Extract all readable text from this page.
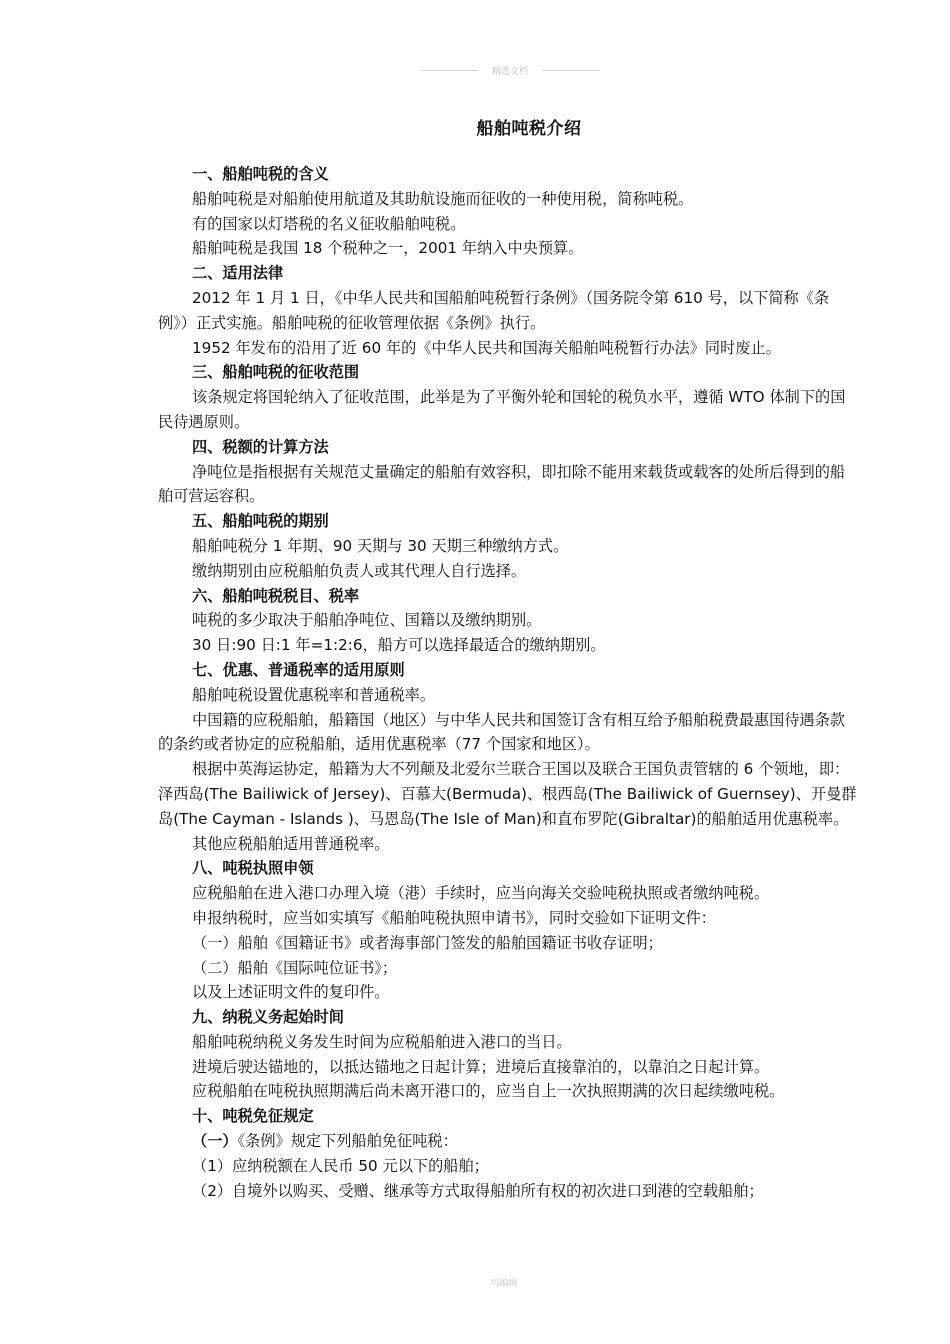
精选文档
船舶吨税介绍
一、船舶吨税的含义
船舶吨税是对船舶使用航道及其助航设施而征收的一种使用税，简称吨税。
有的国家以灯塔税的名义征收船舶吨税。
船舶吨税是我国 18 个税种之一，2001 年纳入中央预算。
二、适用法律
2012 年 1 月 1 日，《中华人民共和国船舶吨税暂行条例》（国务院令第 610 号，以下简称《条例》）正式实施。船舶吨税的征收管理依据《条例》执行。
1952 年发布的沿用了近 60 年的《中华人民共和国海关船舶吨税暂行办法》同时废止。
三、船舶吨税的征收范围
该条规定将国轮纳入了征收范围，此举是为了平衡外轮和国轮的税负水平，遵循 WTO 体制下的国民待遇原则。
四、税额的计算方法
净吨位是指根据有关规范丈量确定的船舶有效容积，即扣除不能用来载货或载客的处所后得到的船舶可营运容积。
五、船舶吨税的期别
船舶吨税分 1 年期、90 天期与 30 天期三种缴纳方式。
缴纳期别由应税船舶负责人或其代理人自行选择。
六、船舶吨税税目、税率
吨税的多少取决于船舶净吨位、国籍以及缴纳期别。
30 日:90 日:1 年=1:2:6，船方可以选择最适合的缴纳期别。
七、优惠、普通税率的适用原则
船舶吨税设置优惠税率和普通税率。
中国籍的应税船舶，船籍国（地区）与中华人民共和国签订含有相互给予船舶税费最惠国待遇条款的条约或者协定的应税船舶，适用优惠税率（77 个国家和地区）。
根据中英海运协定，船籍为大不列颠及北爱尔兰联合王国以及联合王国负责管辖的 6 个领地，即：泽西岛(The Bailiwick of Jersey)、百慕大(Bermuda)、根西岛(The Bailiwick of Guernsey)、开曼群岛(The Cayman - Islands )、马恩岛(The Isle of Man)和直布罗陀(Gibraltar)的船舶适用优惠税率。
其他应税船舶适用普通税率。
八、吨税执照申领
应税船舶在进入港口办理入境（港）手续时，应当向海关交验吨税执照或者缴纳吨税。
申报纳税时，应当如实填写《船舶吨税执照申请书》，同时交验如下证明文件：
（一）船舶《国籍证书》或者海事部门签发的船舶国籍证书收存证明；
（二）船舶《国际吨位证书》；
以及上述证明文件的复印件。
九、纳税义务起始时间
船舶吨税纳税义务发生时间为应税船舶进入港口的当日。
进境后驶达锚地的，以抵达锚地之日起计算；进境后直接靠泊的，以靠泊之日起计算。
应税船舶在吨税执照期满后尚未离开港口的，应当自上一次执照期满的次日起续缴吨税。
十、吨税免征规定
（一）《条例》规定下列船舶免征吨税：
（1）应纳税额在人民币 50 元以下的船舶；
（2）自境外以购买、受赠、继承等方式取得船舶所有权的初次进口到港的空载船舶；
可编辑
